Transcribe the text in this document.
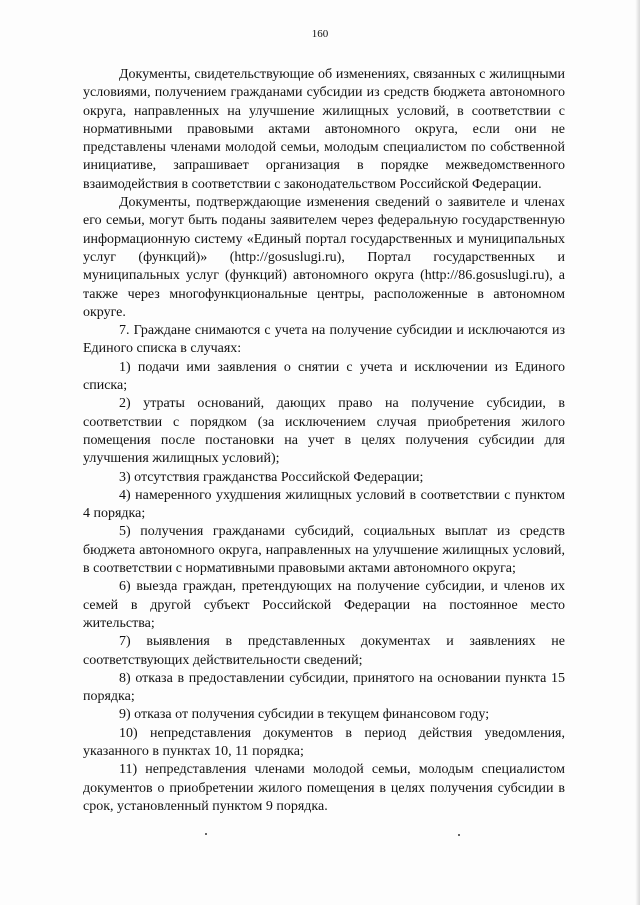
160

Документы, свидетельствующие об изменениях, связанных с жилищными условиями, получением гражданами субсидии из средств бюджета автономного округа, направленных на улучшение жилищных условий, в соответствии с нормативными правовыми актами автономного округа, если они не представлены членами молодой семьи, молодым специалистом по собственной инициативе, запрашивает организация в порядке межведомственного взаимодействия в соответствии с законодательством Российской Федерации.

Документы, подтверждающие изменения сведений о заявителе и членах его семьи, могут быть поданы заявителем через федеральную государственную информационную систему «Единый портал государственных и муниципальных услуг (функций)» (http://gosuslugi.ru), Портал государственных и муниципальных услуг (функций) автономного округа (http://86.gosuslugi.ru), а также через многофункциональные центры, расположенные в автономном округе.

7. Граждане снимаются с учета на получение субсидии и исключаются из Единого списка в случаях:

1) подачи ими заявления о снятии с учета и исключении из Единого списка;

2) утраты оснований, дающих право на получение субсидии, в соответствии с порядком (за исключением случая приобретения жилого помещения после постановки на учет в целях получения субсидии для улучшения жилищных условий);

3) отсутствия гражданства Российской Федерации;

4) намеренного ухудшения жилищных условий в соответствии с пунктом 4 порядка;

5) получения гражданами субсидий, социальных выплат из средств бюджета автономного округа, направленных на улучшение жилищных условий, в соответствии с нормативными правовыми актами автономного округа;

6) выезда граждан, претендующих на получение субсидии, и членов их семей в другой субъект Российской Федерации на постоянное место жительства;

7) выявления в представленных документах и заявлениях не соответствующих действительности сведений;

8) отказа в предоставлении субсидии, принятого на основании пункта 15 порядка;

9) отказа от получения субсидии в текущем финансовом году;

10) непредставления документов в период действия уведомления, указанного в пунктах 10, 11 порядка;

11) непредставления членами молодой семьи, молодым специалистом документов о приобретении жилого помещения в целях получения субсидии в срок, установленный пунктом 9 порядка.
